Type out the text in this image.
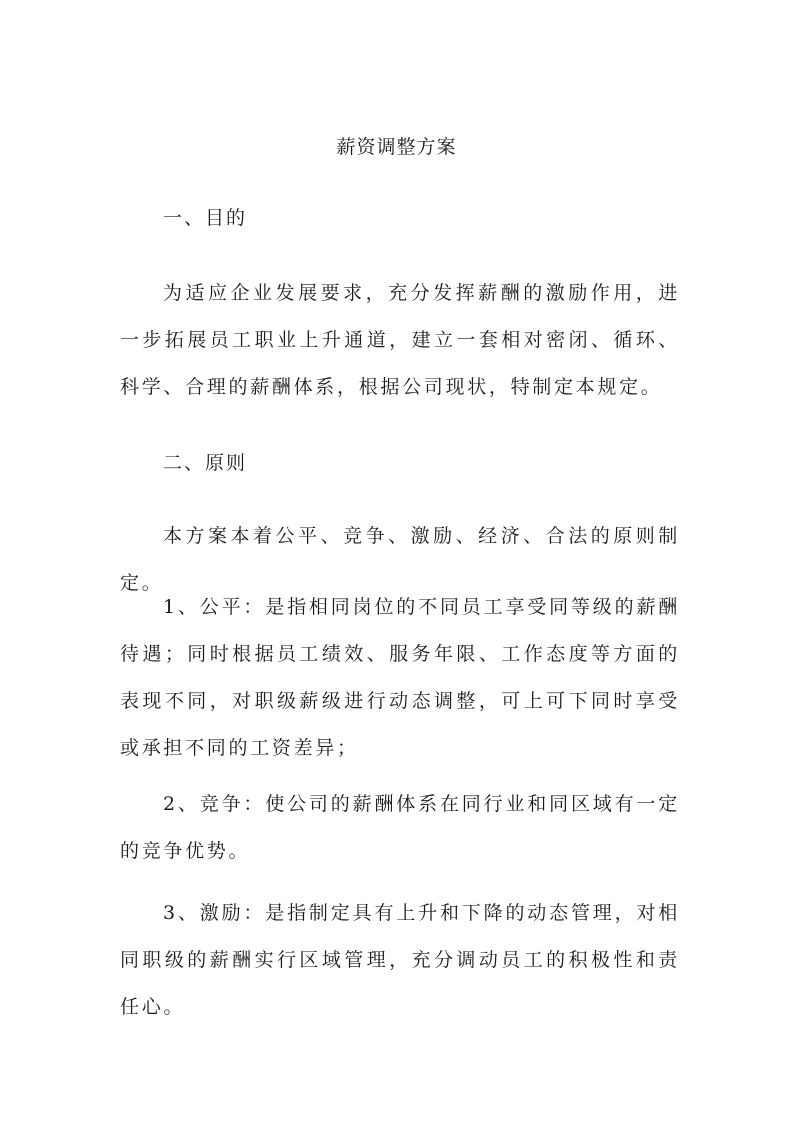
薪资调整方案
一、目的
为适应企业发展要求，充分发挥薪酬的激励作用，进一步拓展员工职业上升通道，建立一套相对密闭、循环、科学、合理的薪酬体系，根据公司现状，特制定本规定。
二、原则
本方案本着公平、竞争、激励、经济、合法的原则制定。
1、公平：是指相同岗位的不同员工享受同等级的薪酬待遇；同时根据员工绩效、服务年限、工作态度等方面的表现不同，对职级薪级进行动态调整，可上可下同时享受或承担不同的工资差异；
2、竞争：使公司的薪酬体系在同行业和同区域有一定的竞争优势。
3、激励：是指制定具有上升和下降的动态管理，对相同职级的薪酬实行区域管理，充分调动员工的积极性和责任心。
